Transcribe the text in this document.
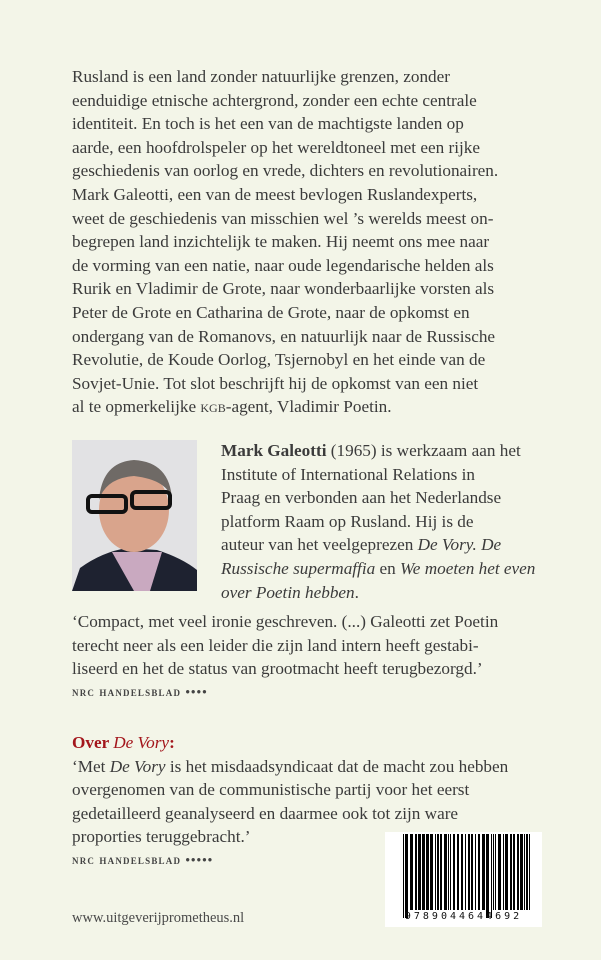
Rusland is een land zonder natuurlijke grenzen, zonder
eenduidige etnische achtergrond, zonder een echte centrale
identiteit. En toch is het een van de machtigste landen op
aarde, een hoofdrolspeler op het wereldtoneel met een rijke
geschiedenis van oorlog en vrede, dichters en revolutionairen.
Mark Galeotti, een van de meest bevlogen Ruslandexperts,
weet de geschiedenis van misschien wel ’s werelds meest on-
begrepen land inzichtelijk te maken. Hij neemt ons mee naar
de vorming van een natie, naar oude legendarische helden als
Rurik en Vladimir de Grote, naar wonderbaarlijke vorsten als
Peter de Grote en Catharina de Grote, naar de opkomst en
ondergang van de Romanovs, en natuurlijk naar de Russische
Revolutie, de Koude Oorlog, Tsjernobyl en het einde van de
Sovjet-Unie. Tot slot beschrijft hij de opkomst van een niet
al te opmerkelijke kgb-agent, Vladimir Poetin.
Mark Galeotti (1965) is werkzaam aan het
Institute of International Relations in
Praag en verbonden aan het Nederlandse
platform Raam op Rusland. Hij is de
auteur van het veelgeprezen De Vory. De
Russische supermaffia en We moeten het even
over Poetin hebben.
‘Compact, met veel ironie geschreven. (...) Galeotti zet Poetin
terecht neer als een leider die zijn land intern heeft gestabi-
liseerd en het de status van grootmacht heeft terugbezorgd.’
nrc handelsblad ••••
Over De Vory:
‘Met De Vory is het misdaadsyndicaat dat de macht zou hebben
overgenomen van de communistische partij voor het eerst
gedetailleerd geanalyseerd en daarmee ook tot zijn ware
proporties teruggebracht.’
nrc handelsblad •••••
www.uitgeverijprometheus.nl	9789044644692
